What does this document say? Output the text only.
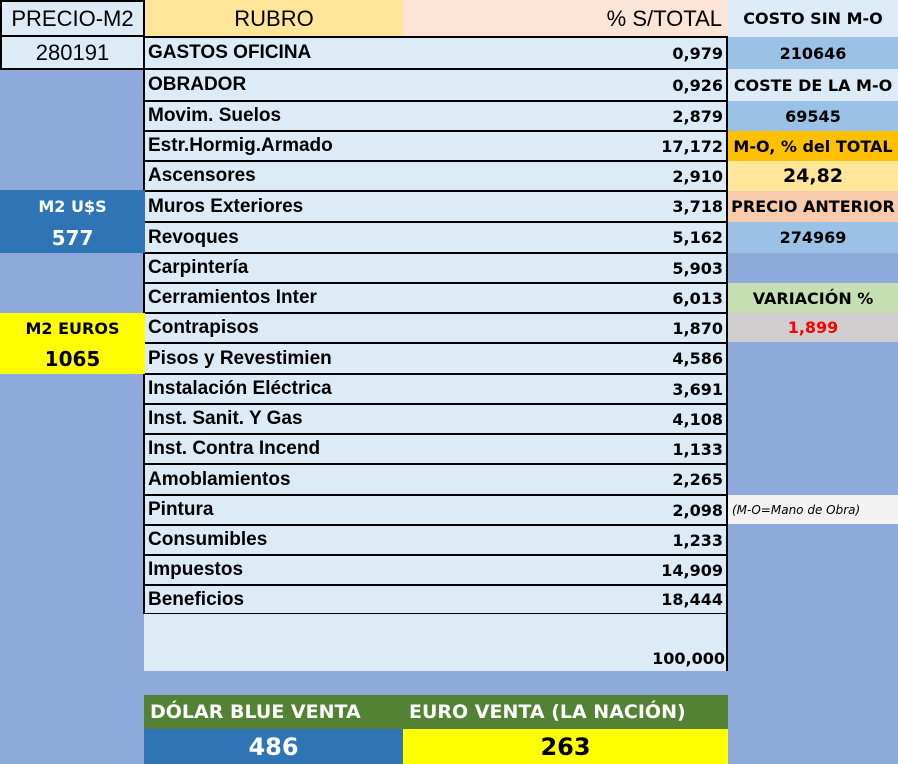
PRECIO-M2
280191
RUBRO	% S/TOTAL
GASTOS OFICINA	0,979
OBRADOR	0,926
Movim. Suelos	2,879
Estr.Hormig.Armado	17,172
Ascensores	2,910
Muros Exteriores	3,718
Revoques	5,162
Carpintería	5,903
Cerramientos Inter	6,013
Contrapisos	1,870
Pisos y Revestimien	4,586
Instalación Eléctrica	3,691
Inst. Sanit. Y Gas	4,108
Inst. Contra Incend	1,133
Amoblamientos	2,265
Pintura	2,098
Consumibles	1,233
Impuestos	14,909
Beneficios	18,444
100,000
M2 U$S
577
M2 EUROS
1065
COSTO SIN M-O
210646
COSTE DE LA M-O
69545
M-O, % del TOTAL
24,82
PRECIO ANTERIOR
274969
VARIACIÓN %
1,899
(M-O=Mano de Obra)
DÓLAR BLUE VENTA	EURO VENTA (LA NACIÓN)
486	263
